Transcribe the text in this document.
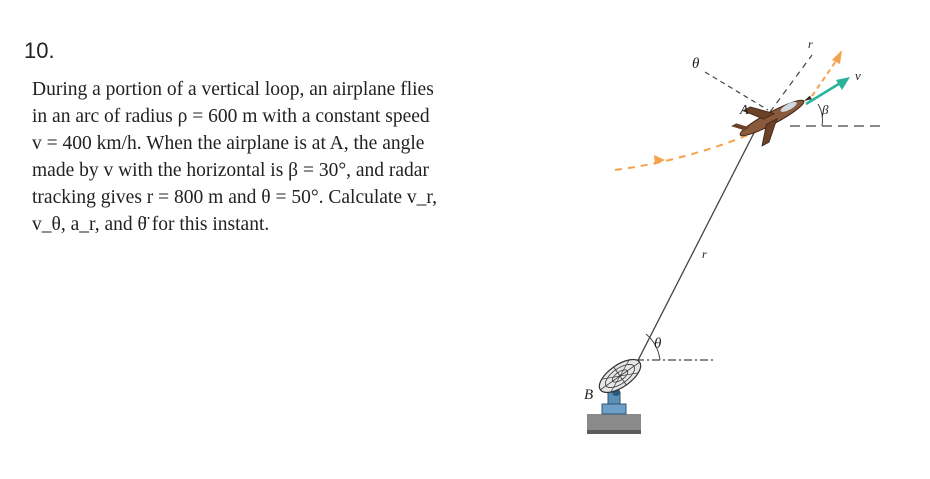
10.
During a portion of a vertical loop, an airplane flies
in an arc of radius ρ = 600 m with a constant speed
v = 400 km/h. When the airplane is at A, the angle
made by v with the horizontal is β = 30°, and radar
tracking gives r = 800 m and θ = 50°. Calculate v_r,
v_θ, a_r, and θ̈ for this instant.
θ
r
v
β
A
r
θ
B
